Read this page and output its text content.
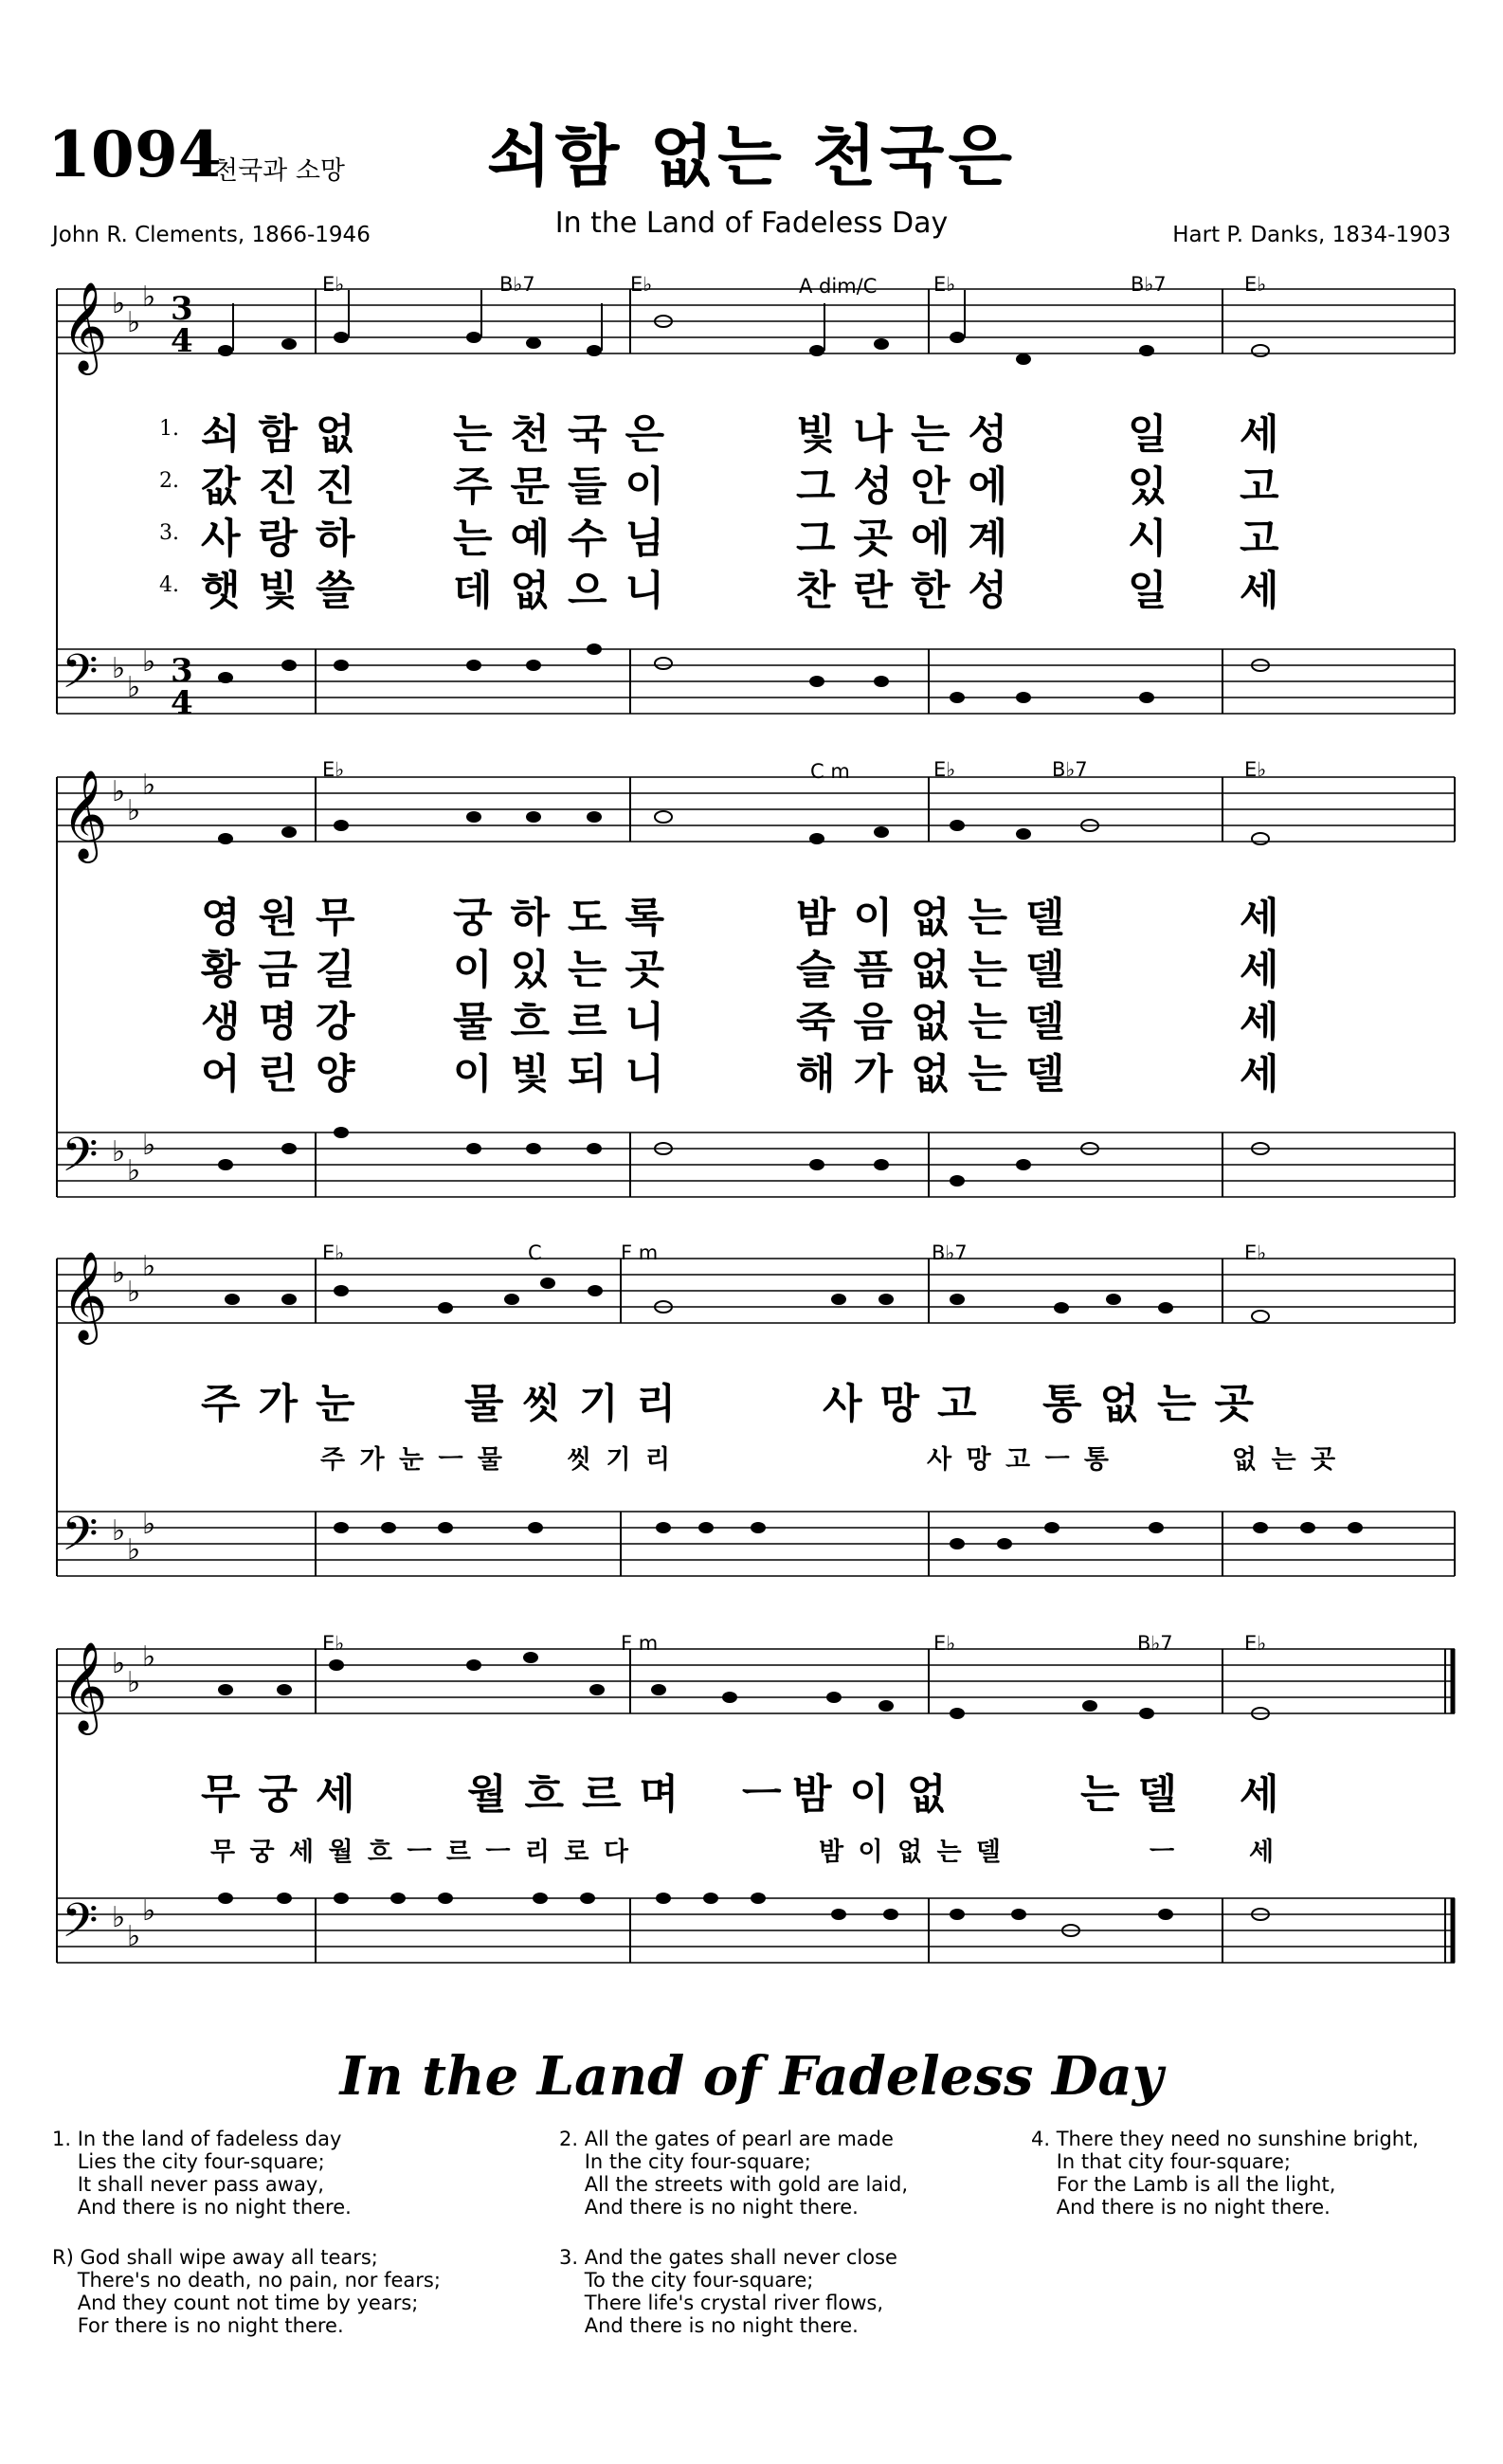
1094
천국과 소망	쇠함 없는 천국은
In the Land of Fadeless Day
John R. Clements, 1866-1946	Hart P. Danks, 1834-1903
𝄞
𝄢
𝄞
𝄢
𝄞
𝄢
𝄞
𝄢
♭
♭
♭
♭
♭
♭
♭
♭
♭
♭
♭
♭
♭
♭
♭
♭
♭
♭
♭
♭
♭
♭
♭
♭
3
4
3
4
E♭	B♭7	E♭	A dim/C	E♭	B♭7	E♭
E♭	C m	E♭	B♭7	E♭
E♭	C	F m	B♭7	E♭
E♭	F m	E♭	B♭7	E♭
1.
2.
3.
4.
쇠 함 없 는 천 국 은	빛 나 는 성	일 세
값 진 진 주 문 들 이	그 성 안 에	있 고
사 랑 하 는 예 수 님	그 곳 에 계	시 고
햇 빛 쓸 데 없 으 니	찬 란 한 성	일 세
영 원 무 궁 하 도 록	밤 이 없 는 델	세
황 금 길 이 있 는 곳	슬 픔 없 는 델	세
생 명 강 물 흐 르 니	죽 음 없 는 델	세
어 린 양 이 빛 되 니	해 가 없 는 델	세
주 가 눈	물 씻 기 리	사 망 고 통 없 는 곳
주 가 눈 ㅡ 물 씻 기 리	사 망 고 ㅡ 통	없 는 곳
무 궁 세	월 흐 르 며 ㅡ 밤 이 없	는 델 세
무 궁 세 월 흐 ㅡ 르 ㅡ 리 로 다	밤 이 없 는 델	ㅡ	세
In the Land of Fadeless Day
1. In the land of fadeless day
Lies the city four-square;
It shall never pass away,
And there is no night there.
R) God shall wipe away all tears;
There's no death, no pain, nor fears;
And they count not time by years;
For there is no night there.
2. All the gates of pearl are made
In the city four-square;
All the streets with gold are laid,
And there is no night there.
3. And the gates shall never close
To the city four-square;
There life's crystal river flows,
And there is no night there.
4. There they need no sunshine bright,
In that city four-square;
For the Lamb is all the light,
And there is no night there.
